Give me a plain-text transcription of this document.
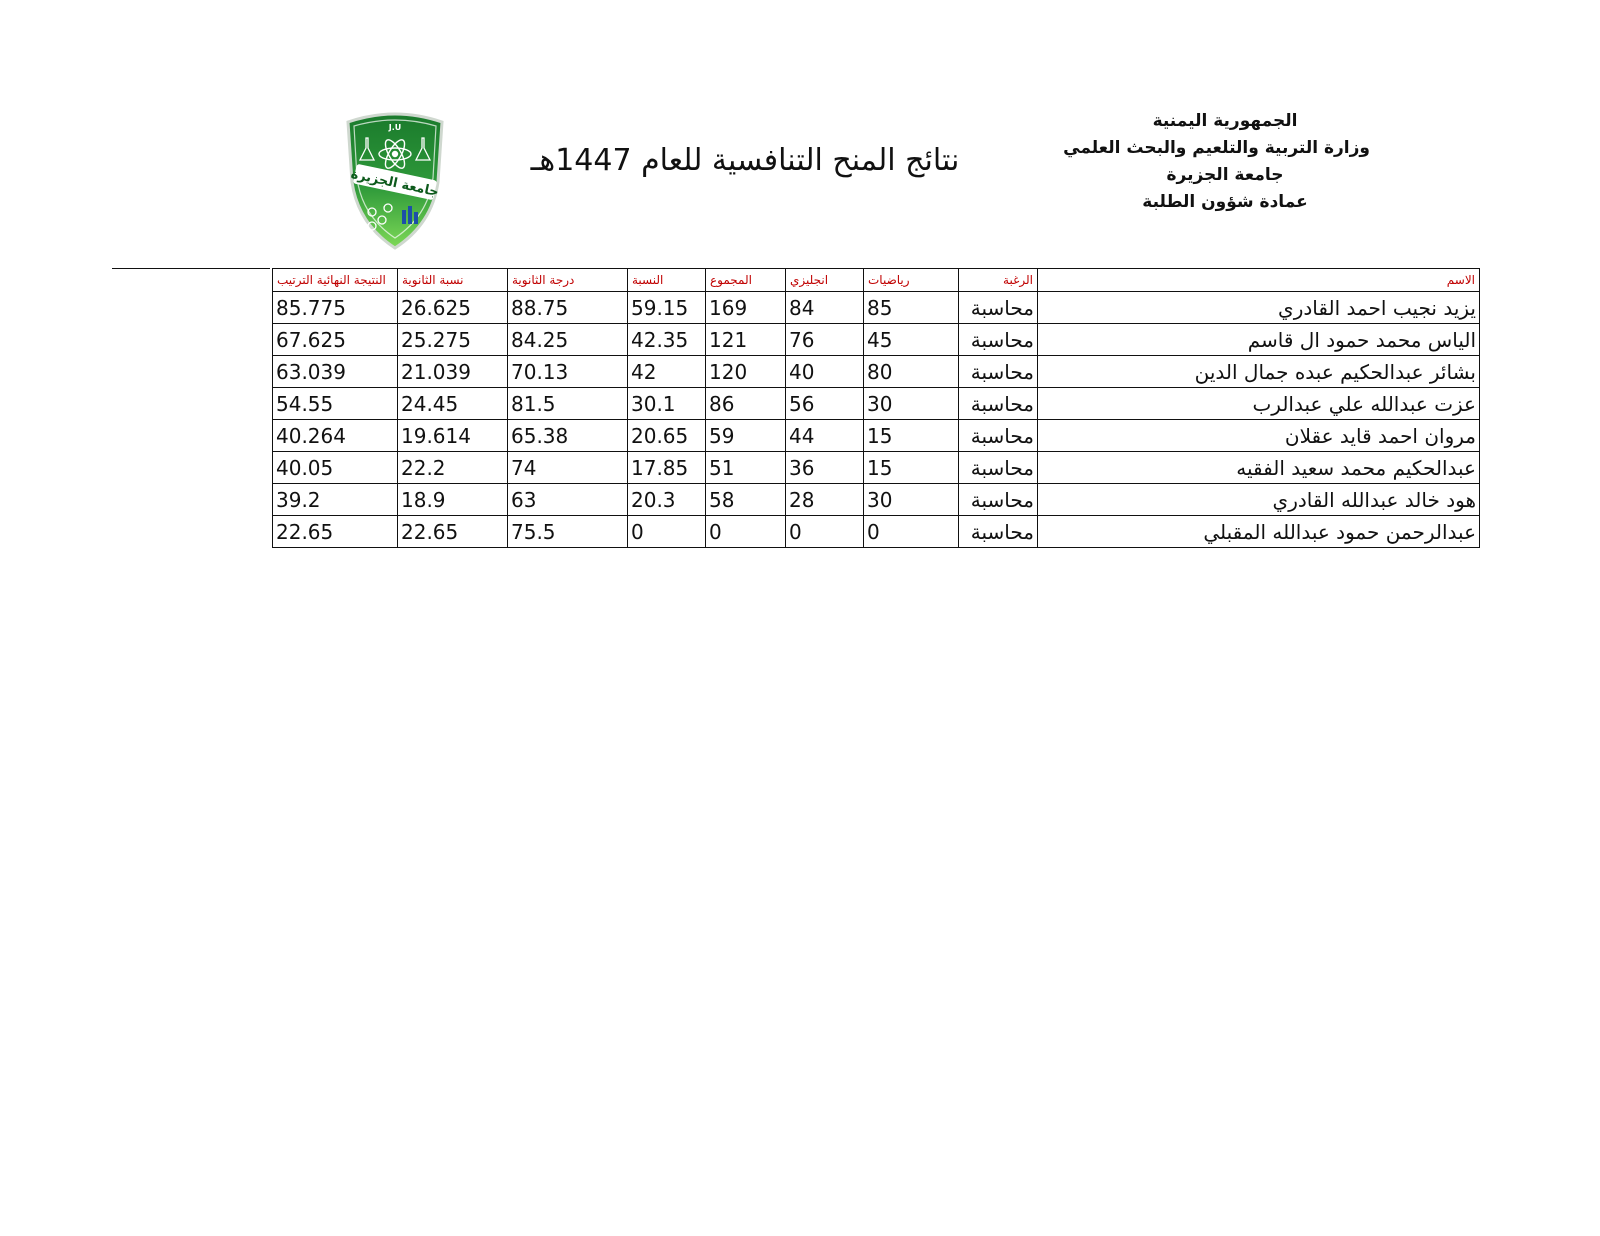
الجمهورية اليمنية
وزارة التربية والتلعيم والبحث العلمي
جامعة الجزيرة
عمادة شؤون الطلبة
نتائج المنح التنافسية للعام 1447هـ
J.U
جامعة الجزيرة
الاسم	الرغبة	رياضيات	انجليزي	المجموع	النسبة	درجة الثانوية	نسبة الثانوية	النتيجة النهائية الترتيب
يزيد نجيب احمد القادري	محاسبة	85	84	169	59.15	88.75	26.625	85.775
الياس محمد حمود ال قاسم	محاسبة	45	76	121	42.35	84.25	25.275	67.625
بشائر عبدالحكيم عبده جمال الدين	محاسبة	80	40	120	42	70.13	21.039	63.039
عزت عبدالله علي عبدالرب	محاسبة	30	56	86	30.1	81.5	24.45	54.55
مروان احمد قايد عقلان	محاسبة	15	44	59	20.65	65.38	19.614	40.264
عبدالحكيم محمد سعيد الفقيه	محاسبة	15	36	51	17.85	74	22.2	40.05
هود خالد عبدالله القادري	محاسبة	30	28	58	20.3	63	18.9	39.2
عبدالرحمن حمود عبدالله المقبلي	محاسبة	0	0	0	0	75.5	22.65	22.65
